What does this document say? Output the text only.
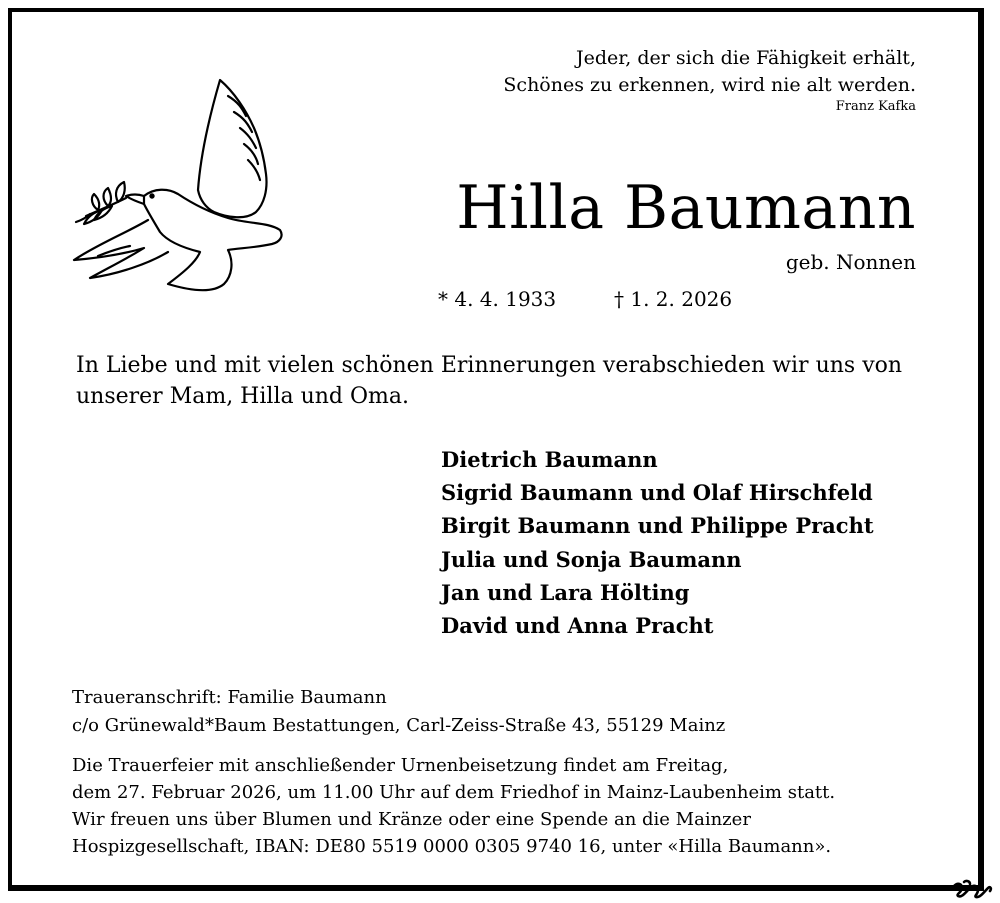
Jeder, der sich die Fähigkeit erhält,
Schönes zu erkennen, wird nie alt werden.
Franz Kafka
Hilla Baumann
geb. Nonnen
* 4. 4. 1933	† 1. 2. 2026
In Liebe und mit vielen schönen Erinnerungen verabschieden wir uns von
unserer Mam, Hilla und Oma.
Dietrich Baumann
Sigrid Baumann und Olaf Hirschfeld
Birgit Baumann und Philippe Pracht
Julia und Sonja Baumann
Jan und Lara Hölting
David und Anna Pracht
Traueranschrift: Familie Baumann
c/o Grünewald*Baum Bestattungen, Carl-Zeiss-Straße 43, 55129 Mainz
Die Trauerfeier mit anschließender Urnenbeisetzung findet am Freitag,
dem 27. Februar 2026, um 11.00 Uhr auf dem Friedhof in Mainz-Laubenheim statt.
Wir freuen uns über Blumen und Kränze oder eine Spende an die Mainzer
Hospizgesellschaft, IBAN: DE80 5519 0000 0305 9740 16, unter «Hilla Baumann».
